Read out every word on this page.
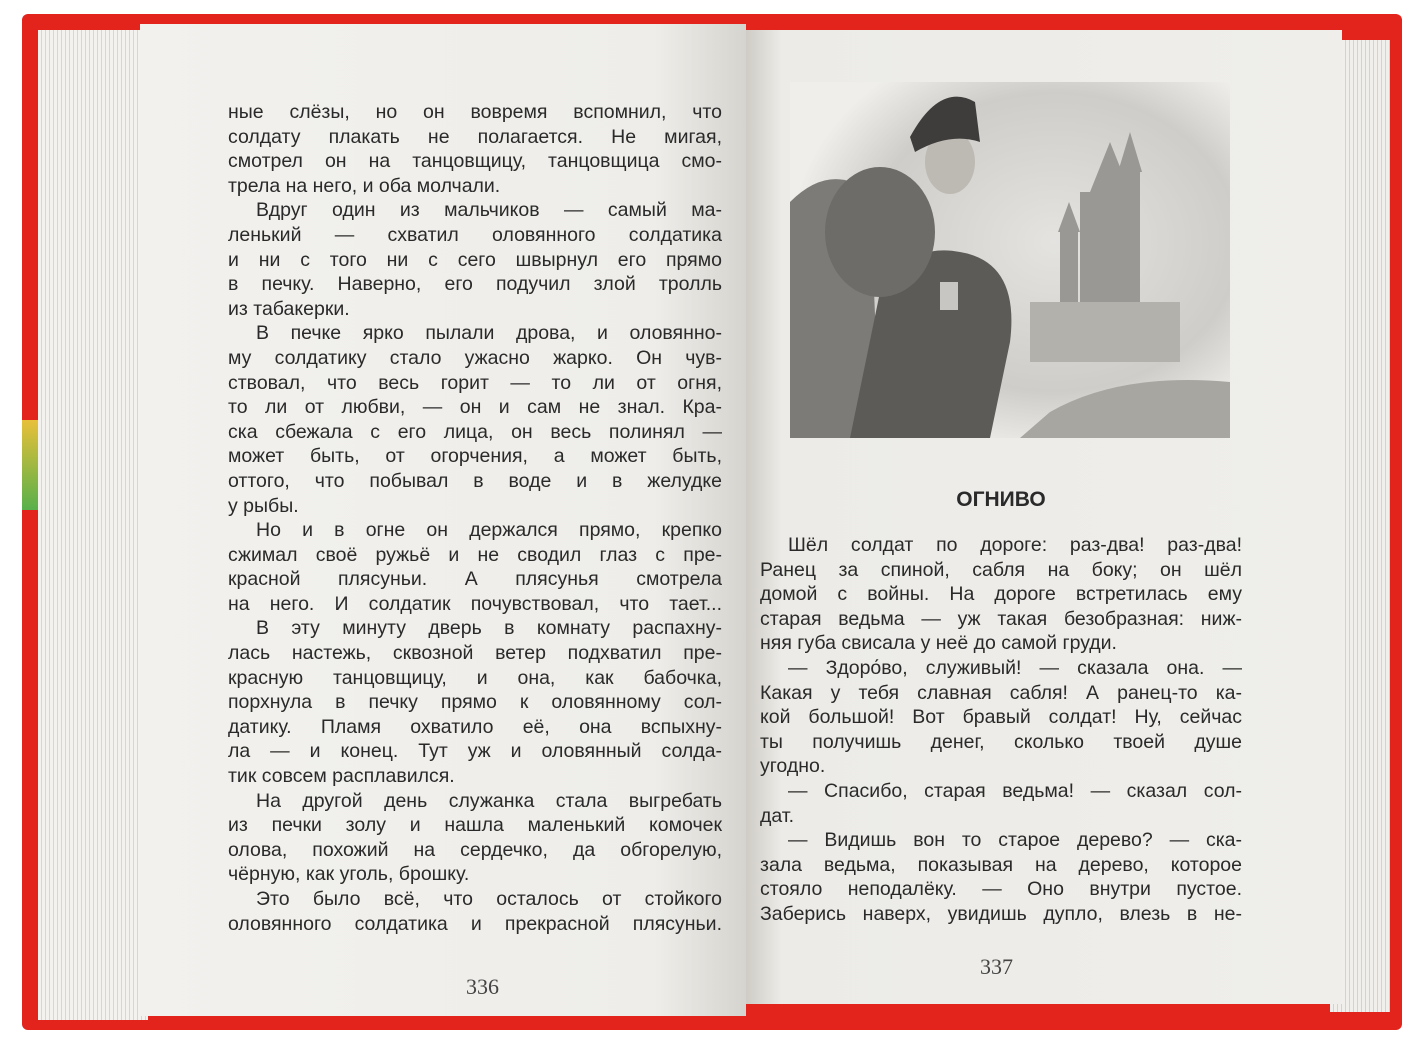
ные слёзы, но он вовремя вспомнил, что
солдату плакать не полагается. Не мигая,
смотрел он на танцовщицу, танцовщица смо-
трела на него, и оба молчали.
Вдруг один из мальчиков — самый ма-
ленький — схватил оловянного солдатика
и ни с того ни с сего швырнул его прямо
в печку. Наверно, его подучил злой тролль
из табакерки.
В печке ярко пылали дрова, и оловянно-
му солдатику стало ужасно жарко. Он чув-
ствовал, что весь горит — то ли от огня,
то ли от любви, — он и сам не знал. Кра-
ска сбежала с его лица, он весь полинял —
может быть, от огорчения, а может быть,
оттого, что побывал в воде и в желудке
у рыбы.
Но и в огне он держался прямо, крепко
сжимал своё ружьё и не сводил глаз с пре-
красной плясуньи. А плясунья смотрела
на него. И солдатик почувствовал, что тает...
В эту минуту дверь в комнату распахну-
лась настежь, сквозной ветер подхватил пре-
красную танцовщицу, и она, как бабочка,
порхнула в печку прямо к оловянному сол-
датику. Пламя охватило её, она вспыхну-
ла — и конец. Тут уж и оловянный солда-
тик совсем расплавился.
На другой день служанка стала выгребать
из печки золу и нашла маленький комочек
олова, похожий на сердечко, да обгорелую,
чёрную, как уголь, брошку.
Это было всё, что осталось от стойкого
оловянного солдатика и прекрасной плясуньи.
336
ОГНИВО
Шёл солдат по дороге: раз-два! раз-два!
Ранец за спиной, сабля на боку; он шёл
домой с войны. На дороге встретилась ему
старая ведьма — уж такая безобразная: ниж-
няя губа свисала у неё до самой груди.
— Здоро́во, служивый! — сказала она. —
Какая у тебя славная сабля! А ранец-то ка-
кой большой! Вот бравый солдат! Ну, сейчас
ты получишь денег, сколько твоей душе
угодно.
— Спасибо, старая ведьма! — сказал сол-
дат.
— Видишь вон то старое дерево? — ска-
зала ведьма, показывая на дерево, которое
стояло неподалёку. — Оно внутри пустое.
Заберись наверх, увидишь дупло, влезь в не-
337
